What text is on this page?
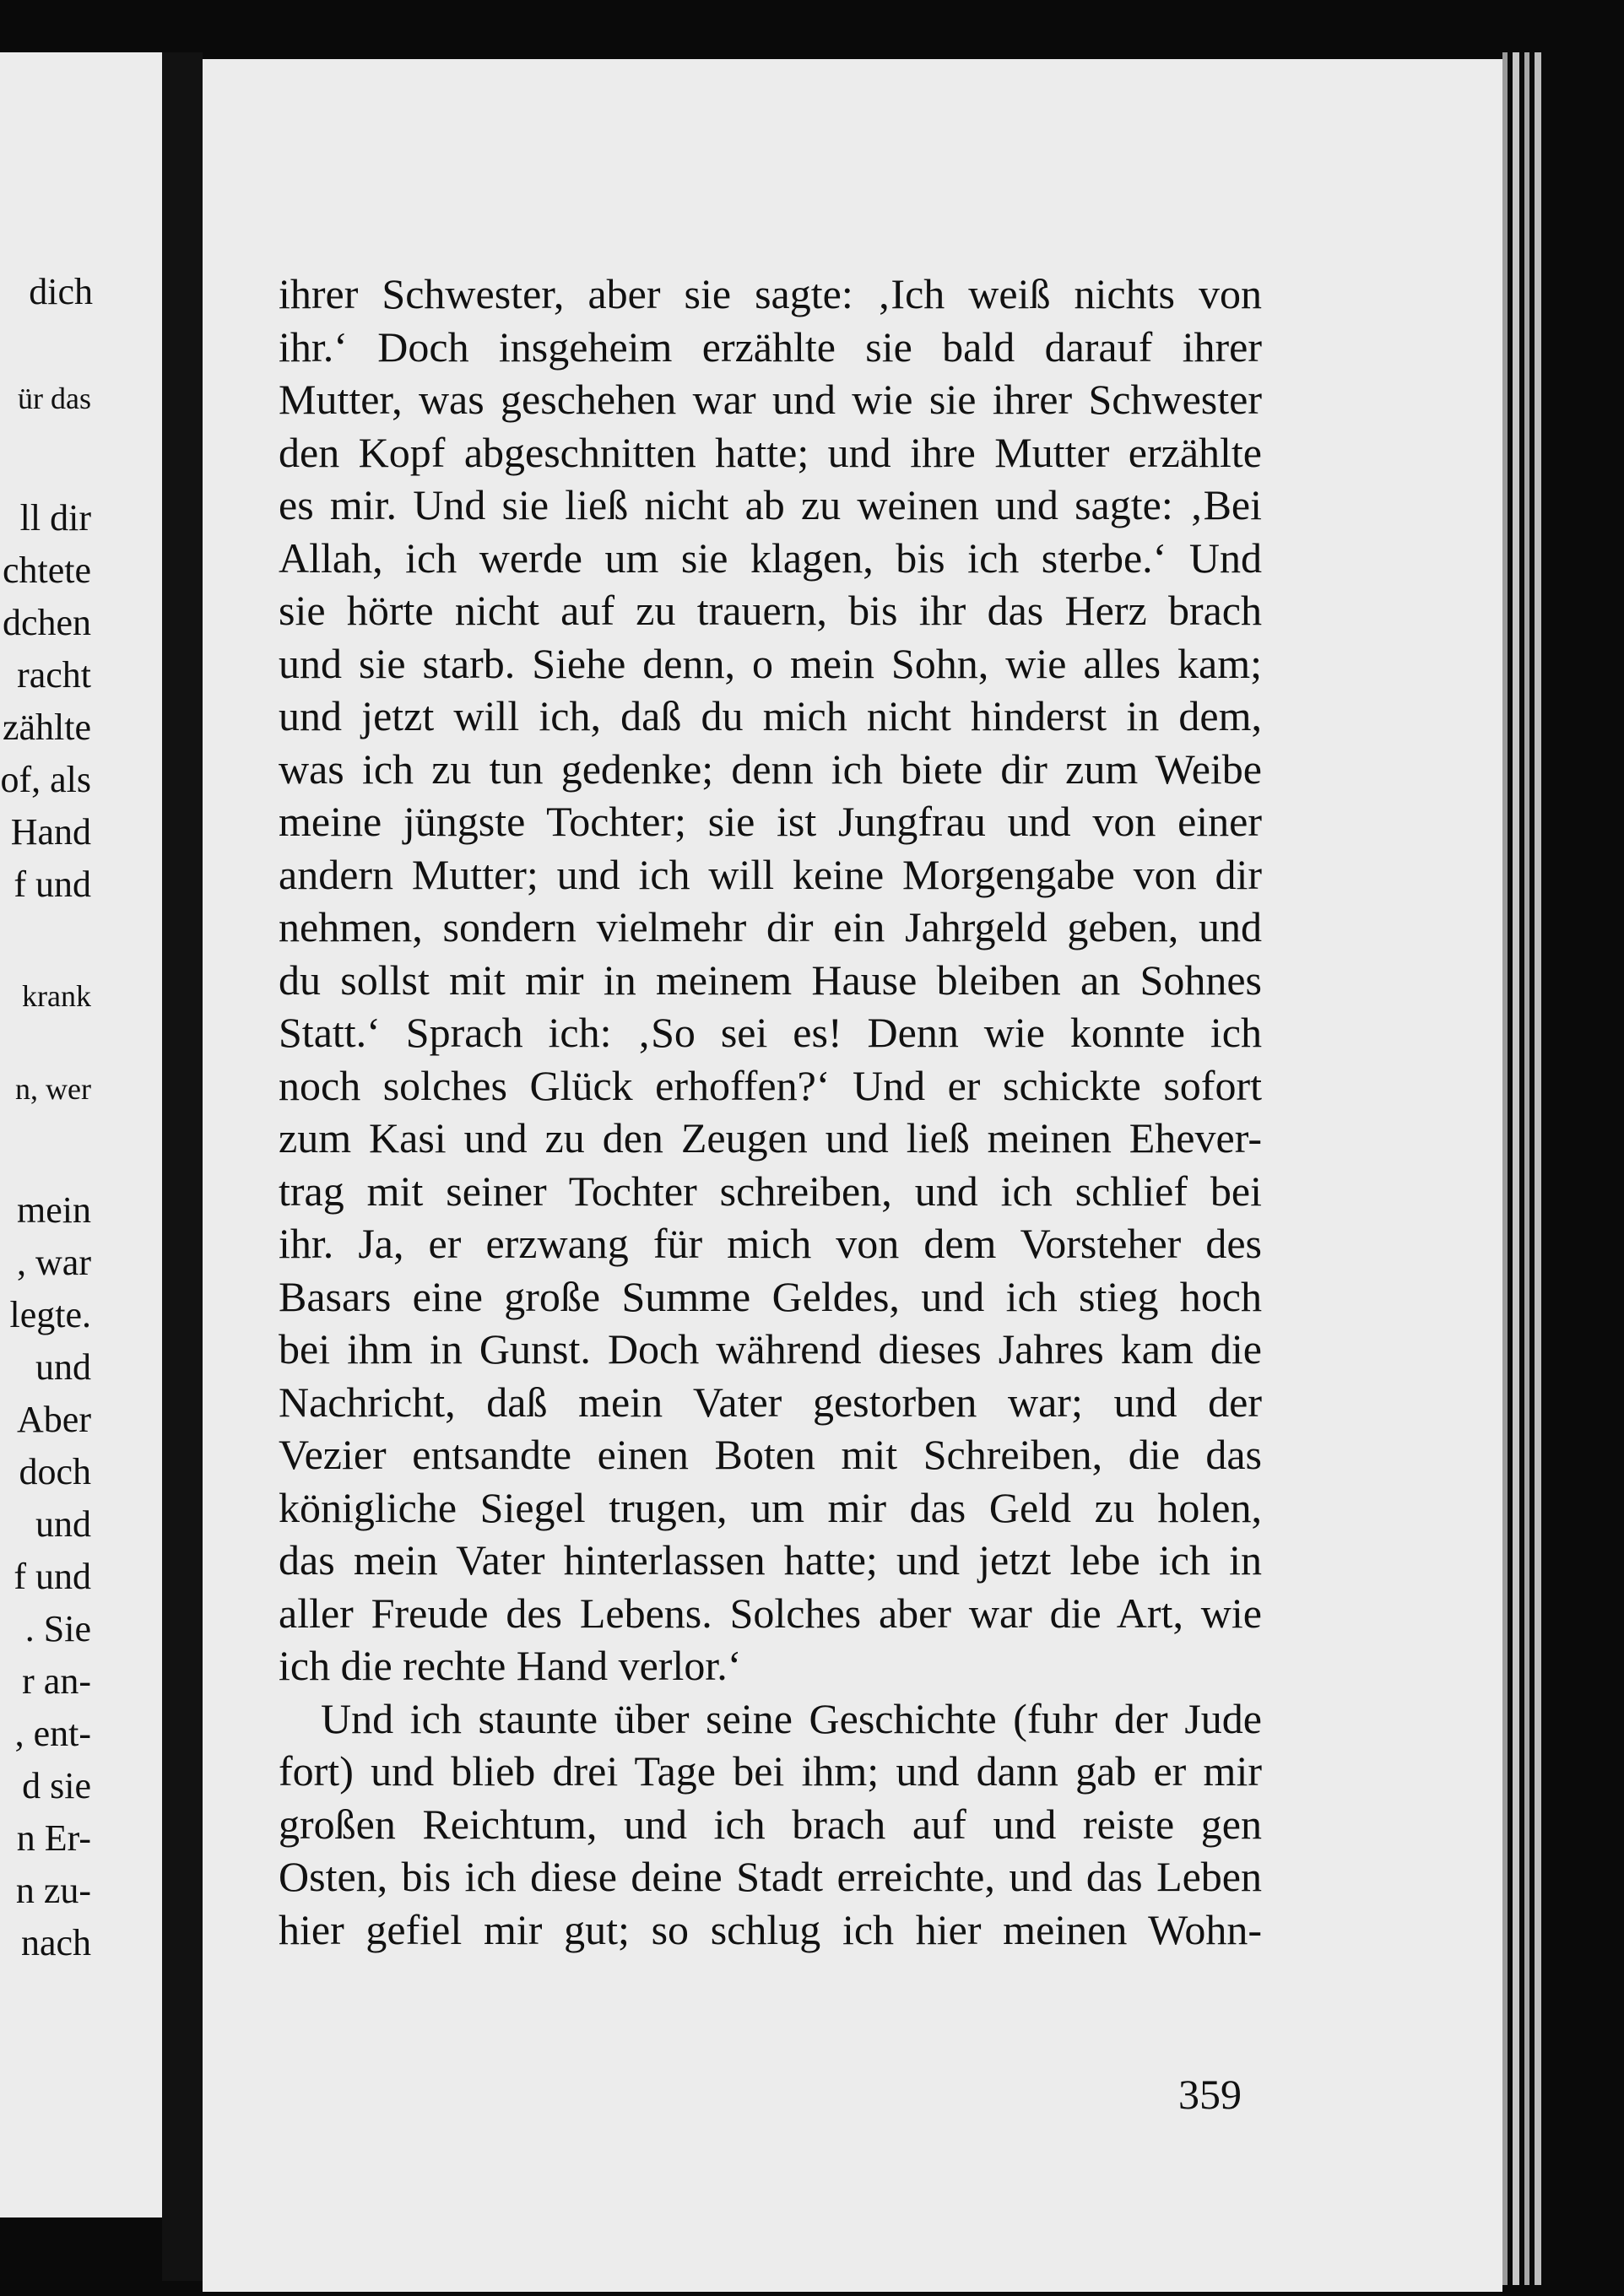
dich
ür das
ll dir
chtete
dchen
racht
zählte
of, als
Hand
f und
krank
n, wer
mein
, war
legte.
und
Aber
doch
und
f und
. Sie
r an-
, ent-
d sie
n Er-
n zu-
nach
ihrer Schwester, aber sie sagte: ‚Ich weiß nichts von
ihr.‘ Doch insgeheim erzählte sie bald darauf ihrer
Mutter, was geschehen war und wie sie ihrer Schwester
den Kopf abgeschnitten hatte; und ihre Mutter erzählte
es mir. Und sie ließ nicht ab zu weinen und sagte: ‚Bei
Allah, ich werde um sie klagen, bis ich sterbe.‘ Und
sie hörte nicht auf zu trauern, bis ihr das Herz brach
und sie starb. Siehe denn, o mein Sohn, wie alles kam;
und jetzt will ich, daß du mich nicht hinderst in dem,
was ich zu tun gedenke; denn ich biete dir zum Weibe
meine jüngste Tochter; sie ist Jungfrau und von einer
andern Mutter; und ich will keine Morgengabe von dir
nehmen, sondern vielmehr dir ein Jahrgeld geben, und
du sollst mit mir in meinem Hause bleiben an Sohnes
Statt.‘ Sprach ich: ‚So sei es! Denn wie konnte ich
noch solches Glück erhoffen?‘ Und er schickte sofort
zum Kasi und zu den Zeugen und ließ meinen Ehever-
trag mit seiner Tochter schreiben, und ich schlief bei
ihr. Ja, er erzwang für mich von dem Vorsteher des
Basars eine große Summe Geldes, und ich stieg hoch
bei ihm in Gunst. Doch während dieses Jahres kam die
Nachricht, daß mein Vater gestorben war; und der
Vezier entsandte einen Boten mit Schreiben, die das
königliche Siegel trugen, um mir das Geld zu holen,
das mein Vater hinterlassen hatte; und jetzt lebe ich in
aller Freude des Lebens. Solches aber war die Art, wie
ich die rechte Hand verlor.‘
Und ich staunte über seine Geschichte (fuhr der Jude
fort) und blieb drei Tage bei ihm; und dann gab er mir
großen Reichtum, und ich brach auf und reiste gen
Osten, bis ich diese deine Stadt erreichte, und das Leben
hier gefiel mir gut; so schlug ich hier meinen Wohn-
359
